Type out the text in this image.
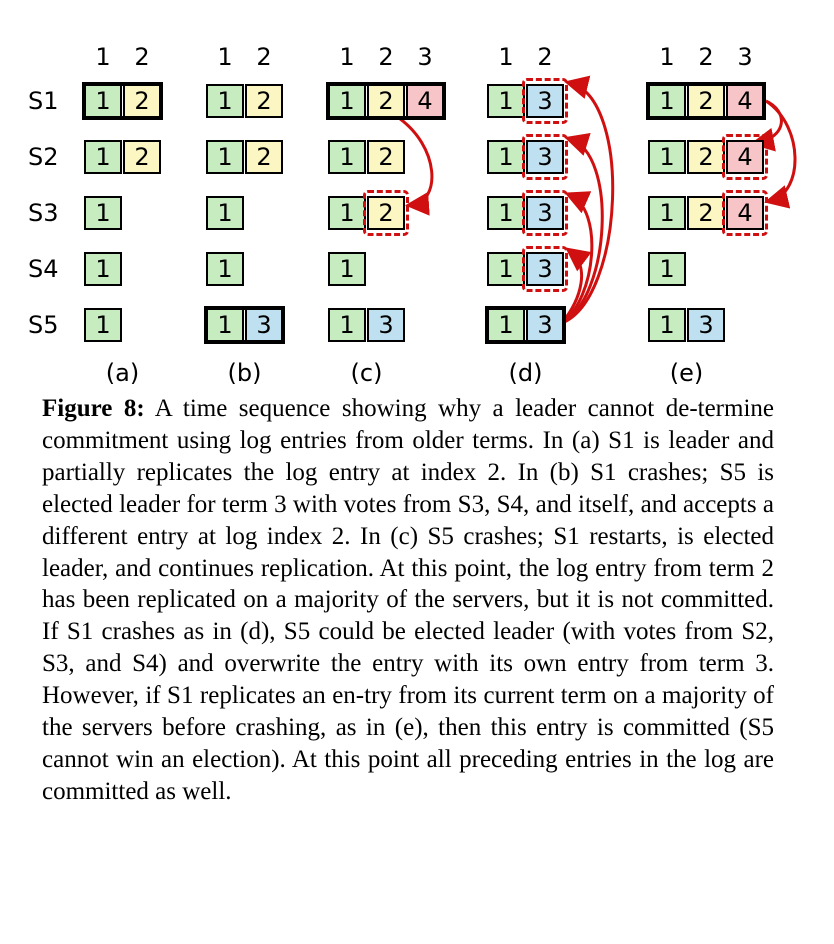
S1
S2
S3
S4
S5
1 2
1 2
1 2
1
1
1
(a)
1 2
1 2
1 2
1
1
1 3
(b)
1 2 3
1 2 4
1 2
1 2
1
1 3
(c)
1 2
1 3
1 3
1 3
1 3
1 3
(d)
1 2 3
1 2 4
1 2 4
1 2 4
1
1 3
(e)

Figure 8: A time sequence showing why a leader cannot de-termine commitment using log entries from older terms. In (a) S1 is leader and partially replicates the log entry at index 2. In (b) S1 crashes; S5 is elected leader for term 3 with votes from S3, S4, and itself, and accepts a different entry at log index 2. In (c) S5 crashes; S1 restarts, is elected leader, and continues replication. At this point, the log entry from term 2 has been replicated on a majority of the servers, but it is not committed. If S1 crashes as in (d), S5 could be elected leader (with votes from S2, S3, and S4) and overwrite the entry with its own entry from term 3. However, if S1 replicates an en-try from its current term on a majority of the servers before crashing, as in (e), then this entry is committed (S5 cannot win an election). At this point all preceding entries in the log are committed as well.
